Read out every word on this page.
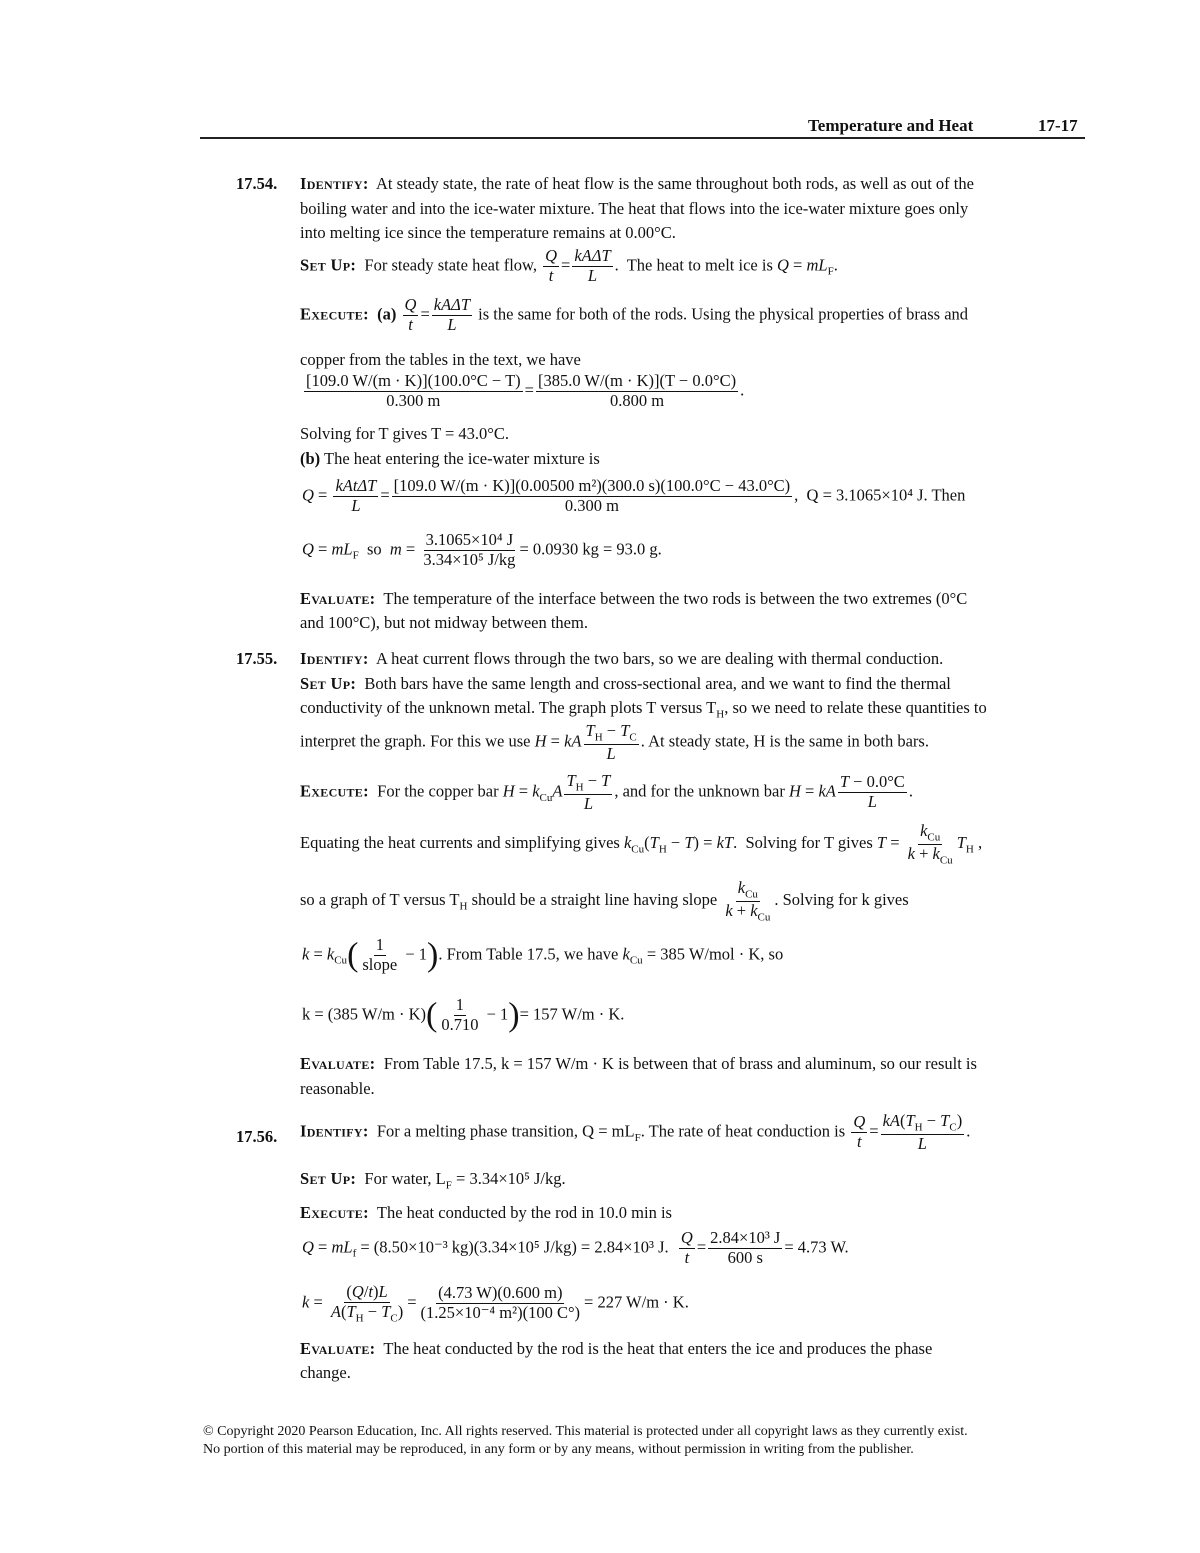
Temperature and Heat	17-17
17.54. Identify: At steady state, the rate of heat flow is the same throughout both rods, as well as out of the
boiling water and into the ice-water mixture. The heat that flows into the ice-water mixture goes only
into melting ice since the temperature remains at 0.00°C.
Set Up: For steady state heat flow, $\frac{Q}{t} = \frac{\text{kAΔT}}{L}$ .  The heat to melt ice is $Q = mL_F$.
Execute: $(a) \frac{Q}{t} = \frac{\text{kAΔT}}{L}$ is the same for both of the rods. Using the physical properties of brass and
copper from the tables in the text, we have
$\frac{[109.0 W/(m \cdot K)](100.0^\circ C - T)}{0.300 m} = \frac{[385.0 W/(m \cdot K)](T - 0.0^\circ C)}{0.800 m}$ .
Solving for T gives T = 43.0°C.
(b) The heat entering the ice-water mixture is
$Q = \frac{\text{kAtΔT}}{L} = \frac{\text{[109.0 W/(m · K)](0.00500 m²)(300.0 s)(100.0°C − 43.0°C)}}{0.300 m}$ ,  Q = 3.1065×10⁴ J. Then
$Q = mL_F$  so  $m = \frac{\text{3.1065×10⁴ J}}{\text{3.34×10⁵ J/kg}} = 0.0930$ kg = 93.0 g.
Evaluate: The temperature of the interface between the two rods is between the two extremes (0°C
and 100°C), but not midway between them.
17.55. Identify: A heat current flows through the two bars, so we are dealing with thermal conduction.
Set Up: Both bars have the same length and cross-sectional area, and we want to find the thermal
conductivity of the unknown metal. The graph plots T versus $T_H$, so we need to relate these quantities to
interpret the graph. For this we use H = kA $\frac{T_H - T_C}{L}$ . At steady state, H is the same in both bars.
Execute: For the copper bar $H = k_{Cu}A \frac{T_H - T}{L}$ , and for the unknown bar H = kA $\frac{T - 0.0^\circ C}{L}$ .
Equating the heat currents and simplifying gives $k_{Cu}(T_H - T)$ = kT.  Solving for T gives $T = \frac{k_{Cu}}{k + k_{Cu}} T_H$ ,
so a graph of T versus $T_H$ should be a straight line having slope $\frac{k_{Cu}}{k + k_{Cu}}$ . Solving for k gives
$k = k_{Cu}( \frac{1}{\text{slope}} - 1)$. From Table 17.5, we have $k_{Cu} = 385$ W/mol · K, so
k = (385 $W/m \cdot K)( \frac{1}{0.710} - 1)= 157$ W/m · K.
Evaluate: From Table 17.5, k = 157 W/m · K is between that of brass and aluminum, so our result is
reasonable.
17.56. Identify: For a melting phase transition, $Q = mL_F$. The rate of heat conduction is $\frac{Q}{t} = \frac{kA(T_H - T_C)}{L}$ .
Set Up: For water, $L_F = 3.34\times 10^5$ J/kg.
Execute: The heat conducted by the rod in 10.0 min is
$Q = mL_f = (8.50\times 10^{-3}$ kg)(3.34×10⁵ J/kg) = 2.84×10³ J. $\frac{Q}{t} = \frac{\text{2.84×10³ J}}{600 s} = 4.73$ W.
$k = \frac{(Q/t)L}{A(T_H - T_C)} = \frac{(4.73 W)(0.600 m)}{\text{(1.25×10⁻⁴ m²)(100 C°)}} = 227$ W/m · K.
Evaluate: The heat conducted by the rod is the heat that enters the ice and produces the phase
change.
© Copyright 2020 Pearson Education, Inc. All rights reserved. This material is protected under all copyright laws as they currently exist.
No portion of this material may be reproduced, in any form or by any means, without permission in writing from the publisher.
